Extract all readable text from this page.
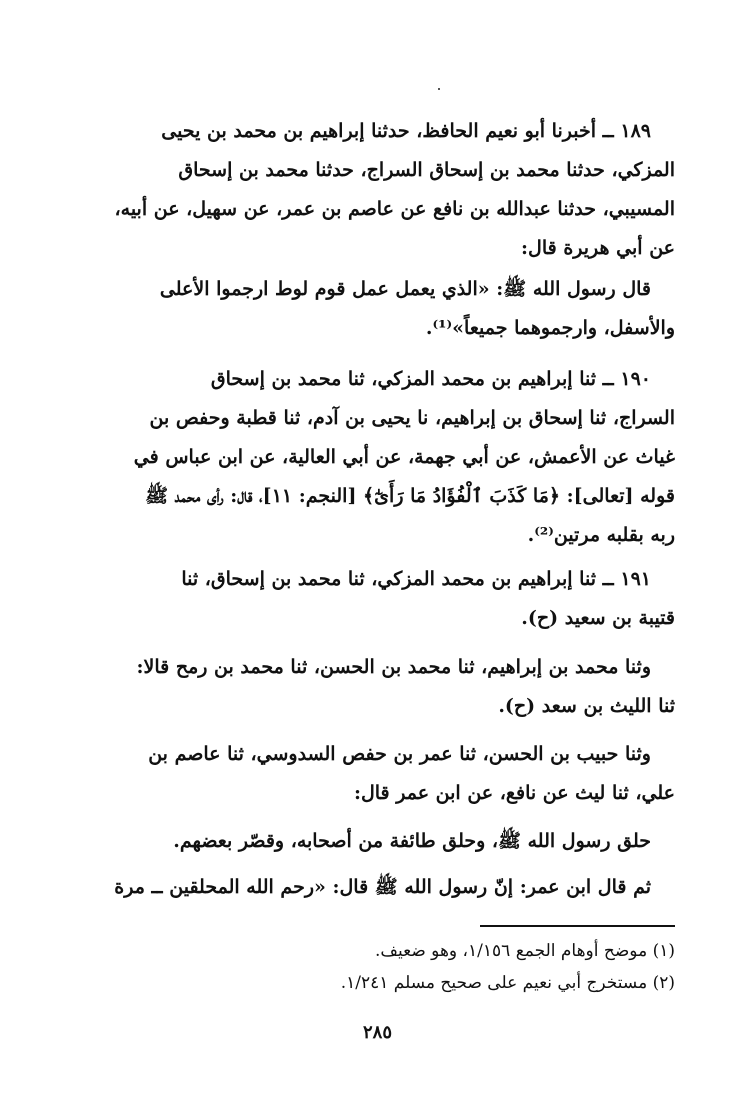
١٨٩ ــ أخبرنا أبو نعيم الحافظ، حدثنا إبراهيم بن محمد بن يحيى
المزكي، حدثنا محمد بن إسحاق السراج، حدثنا محمد بن إسحاق
المسيبي، حدثنا عبدالله بن نافع عن عاصم بن عمر، عن سهيل، عن أبيه،
عن أبي هريرة قال:
قال رسول الله ﷺ: «الذي يعمل عمل قوم لوط ارجموا الأعلى
والأسفل، وارجموهما جميعاً»⁽¹⁾.
١٩٠ ــ ثنا إبراهيم بن محمد المزكي، ثنا محمد بن إسحاق
السراج، ثنا إسحاق بن إبراهيم، نا يحيى بن آدم، ثنا قطبة وحفص بن
غياث عن الأعمش، عن أبي جهمة، عن أبي العالية، عن ابن عباس في
قوله [تعالى]: ﴿مَا كَذَبَ ٱلْفُؤَادُ مَا رَأَىٰٓ﴾ [النجم: ١١]، قال: رأى محمد ﷺ
ربه بقلبه مرتين⁽²⁾.
١٩١ ــ ثنا إبراهيم بن محمد المزكي، ثنا محمد بن إسحاق، ثنا
قتيبة بن سعيد (ح).
وثنا محمد بن إبراهيم، ثنا محمد بن الحسن، ثنا محمد بن رمح قالا:
ثنا الليث بن سعد (ح).
وثنا حبيب بن الحسن، ثنا عمر بن حفص السدوسي، ثنا عاصم بن
علي، ثنا ليث عن نافع، عن ابن عمر قال:
حلق رسول الله ﷺ، وحلق طائفة من أصحابه، وقصّر بعضهم.
ثم قال ابن عمر: إنّ رسول الله ﷺ قال: «رحم الله المحلقين ــ مرة
(١) موضح أوهام الجمع ١/١٥٦، وهو ضعيف.
(٢) مستخرج أبي نعيم على صحيح مسلم ١/٢٤١.
٢٨٥
